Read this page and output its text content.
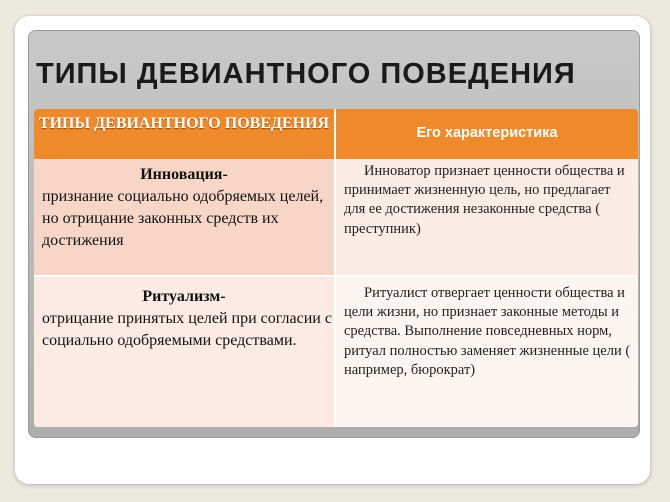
ТИПЫ ДЕВИАНТНОГО ПОВЕДЕНИЯ
ТИПЫ ДЕВИАНТНОГО ПОВЕДЕНИЯ
Его характеристика
Инновация-
признание социально одобряемых целей, но отрицание законных средств их достижения
Инноватор признает ценности общества и принимает жизненную цель, но предлагает для ее достижения незаконные средства ( преступник)
Ритуализм-
отрицание принятых целей при согласии с социально одобряемыми средствами.
Ритуалист отвергает ценности общества и цели жизни, но признает законные методы и средства. Выполнение повседневных норм, ритуал полностью заменяет жизненные цели ( например, бюрократ)
